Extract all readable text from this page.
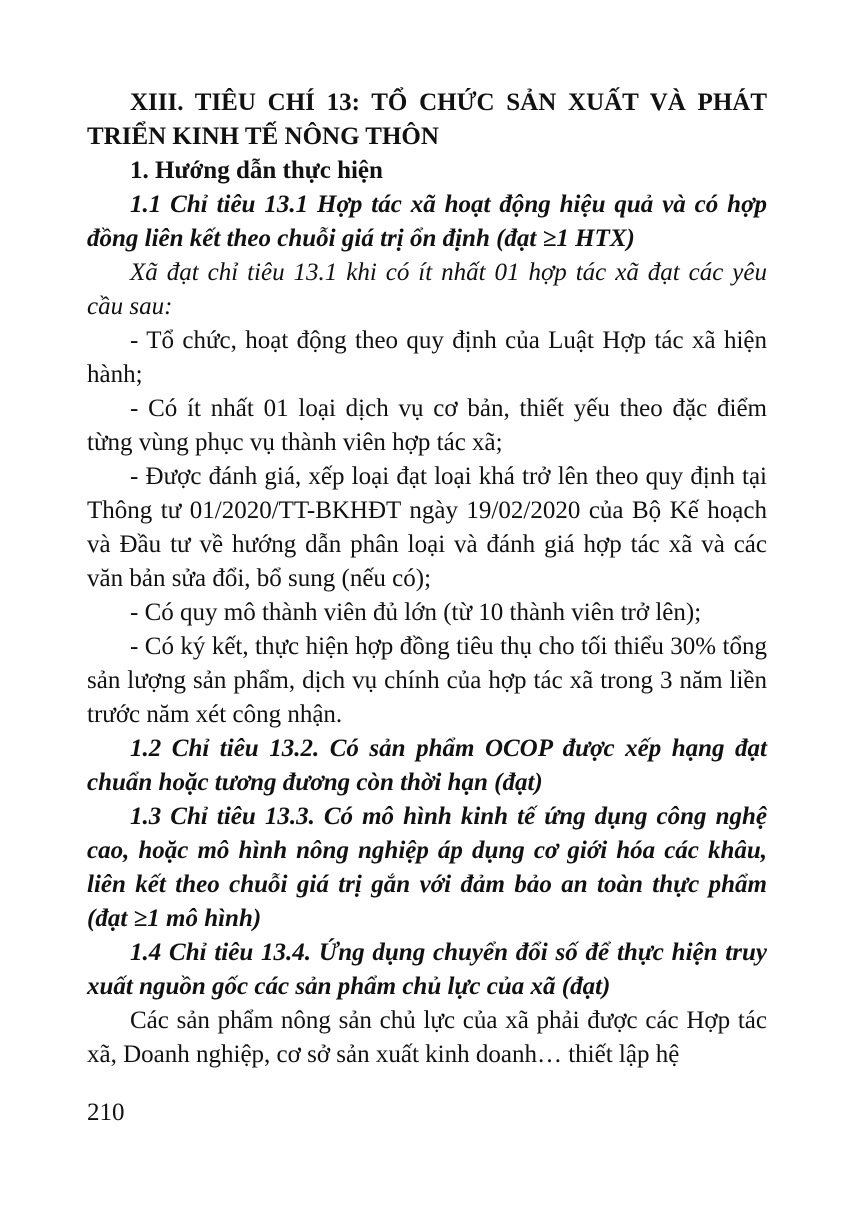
XIII. TIÊU CHÍ 13: TỔ CHỨC SẢN XUẤT VÀ PHÁT TRIỂN KINH TẾ NÔNG THÔN

1. Hướng dẫn thực hiện

1.1 Chỉ tiêu 13.1 Hợp tác xã hoạt động hiệu quả và có hợp đồng liên kết theo chuỗi giá trị ổn định (đạt ≥1 HTX)

Xã đạt chỉ tiêu 13.1 khi có ít nhất 01 hợp tác xã đạt các yêu cầu sau:

- Tổ chức, hoạt động theo quy định của Luật Hợp tác xã hiện hành;

- Có ít nhất 01 loại dịch vụ cơ bản, thiết yếu theo đặc điểm từng vùng phục vụ thành viên hợp tác xã;

- Được đánh giá, xếp loại đạt loại khá trở lên theo quy định tại Thông tư 01/2020/TT-BKHĐT ngày 19/02/2020 của Bộ Kế hoạch và Đầu tư về hướng dẫn phân loại và đánh giá hợp tác xã và các văn bản sửa đổi, bổ sung (nếu có);

- Có quy mô thành viên đủ lớn (từ 10 thành viên trở lên);

- Có ký kết, thực hiện hợp đồng tiêu thụ cho tối thiểu 30% tổng sản lượng sản phẩm, dịch vụ chính của hợp tác xã trong 3 năm liền trước năm xét công nhận.

1.2 Chỉ tiêu 13.2. Có sản phẩm OCOP được xếp hạng đạt chuẩn hoặc tương đương còn thời hạn (đạt)

1.3 Chỉ tiêu 13.3. Có mô hình kinh tế ứng dụng công nghệ cao, hoặc mô hình nông nghiệp áp dụng cơ giới hóa các khâu, liên kết theo chuỗi giá trị gắn với đảm bảo an toàn thực phẩm (đạt ≥1 mô hình)

1.4 Chỉ tiêu 13.4. Ứng dụng chuyển đổi số để thực hiện truy xuất nguồn gốc các sản phẩm chủ lực của xã (đạt)

Các sản phẩm nông sản chủ lực của xã phải được các Hợp tác xã, Doanh nghiệp, cơ sở sản xuất kinh doanh… thiết lập hệ

210
